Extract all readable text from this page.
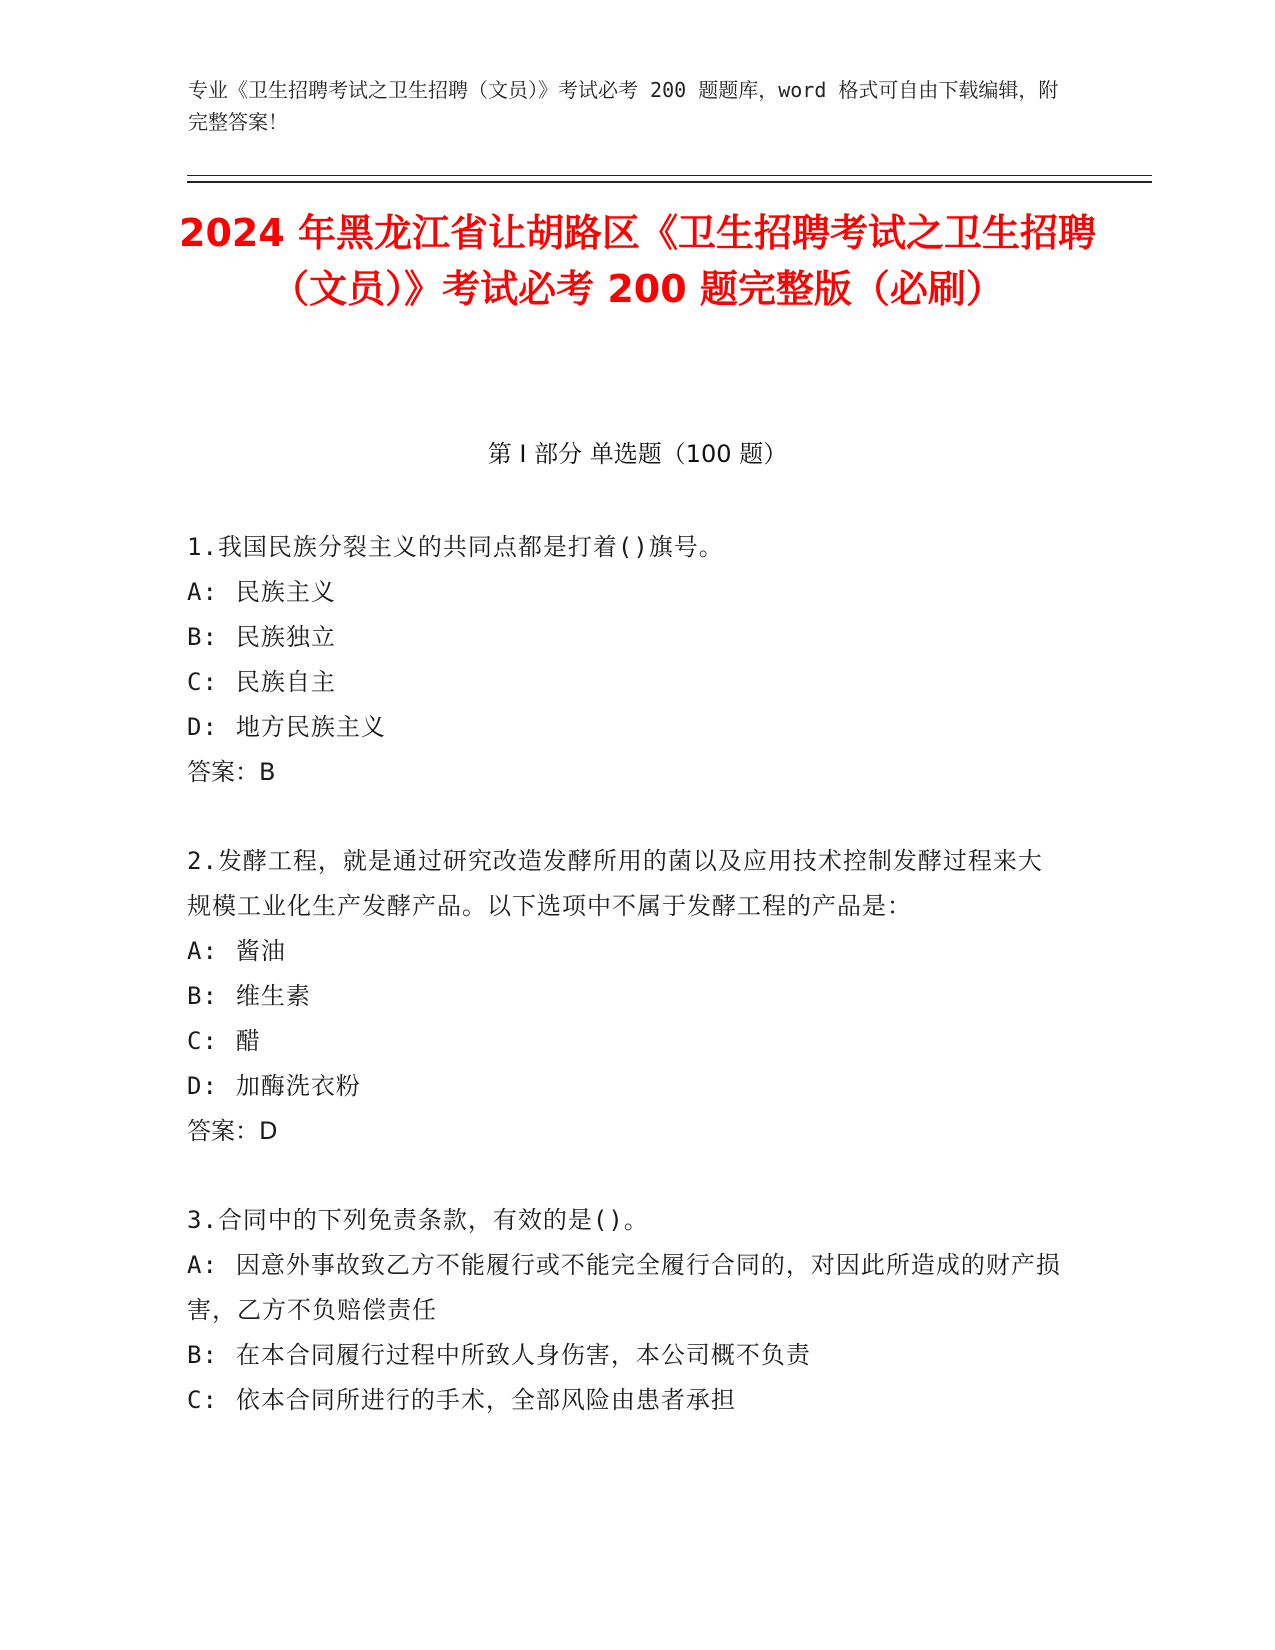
专业《卫生招聘考试之卫生招聘（文员）》考试必考 200 题题库，word 格式可自由下载编辑，附完整答案！
2024 年黑龙江省让胡路区《卫生招聘考试之卫生招聘（文员）》考试必考 200 题完整版（必刷）
第 I 部分 单选题（100 题）
1.我国民族分裂主义的共同点都是打着()旗号。
A: 民族主义
B: 民族独立
C: 民族自主
D: 地方民族主义
答案：B
2.发酵工程，就是通过研究改造发酵所用的菌以及应用技术控制发酵过程来大规模工业化生产发酵产品。以下选项中不属于发酵工程的产品是：
A: 酱油
B: 维生素
C: 醋
D: 加酶洗衣粉
答案：D
3.合同中的下列免责条款，有效的是()。
A: 因意外事故致乙方不能履行或不能完全履行合同的，对因此所造成的财产损害，乙方不负赔偿责任
B: 在本合同履行过程中所致人身伤害，本公司概不负责
C: 依本合同所进行的手术，全部风险由患者承担
